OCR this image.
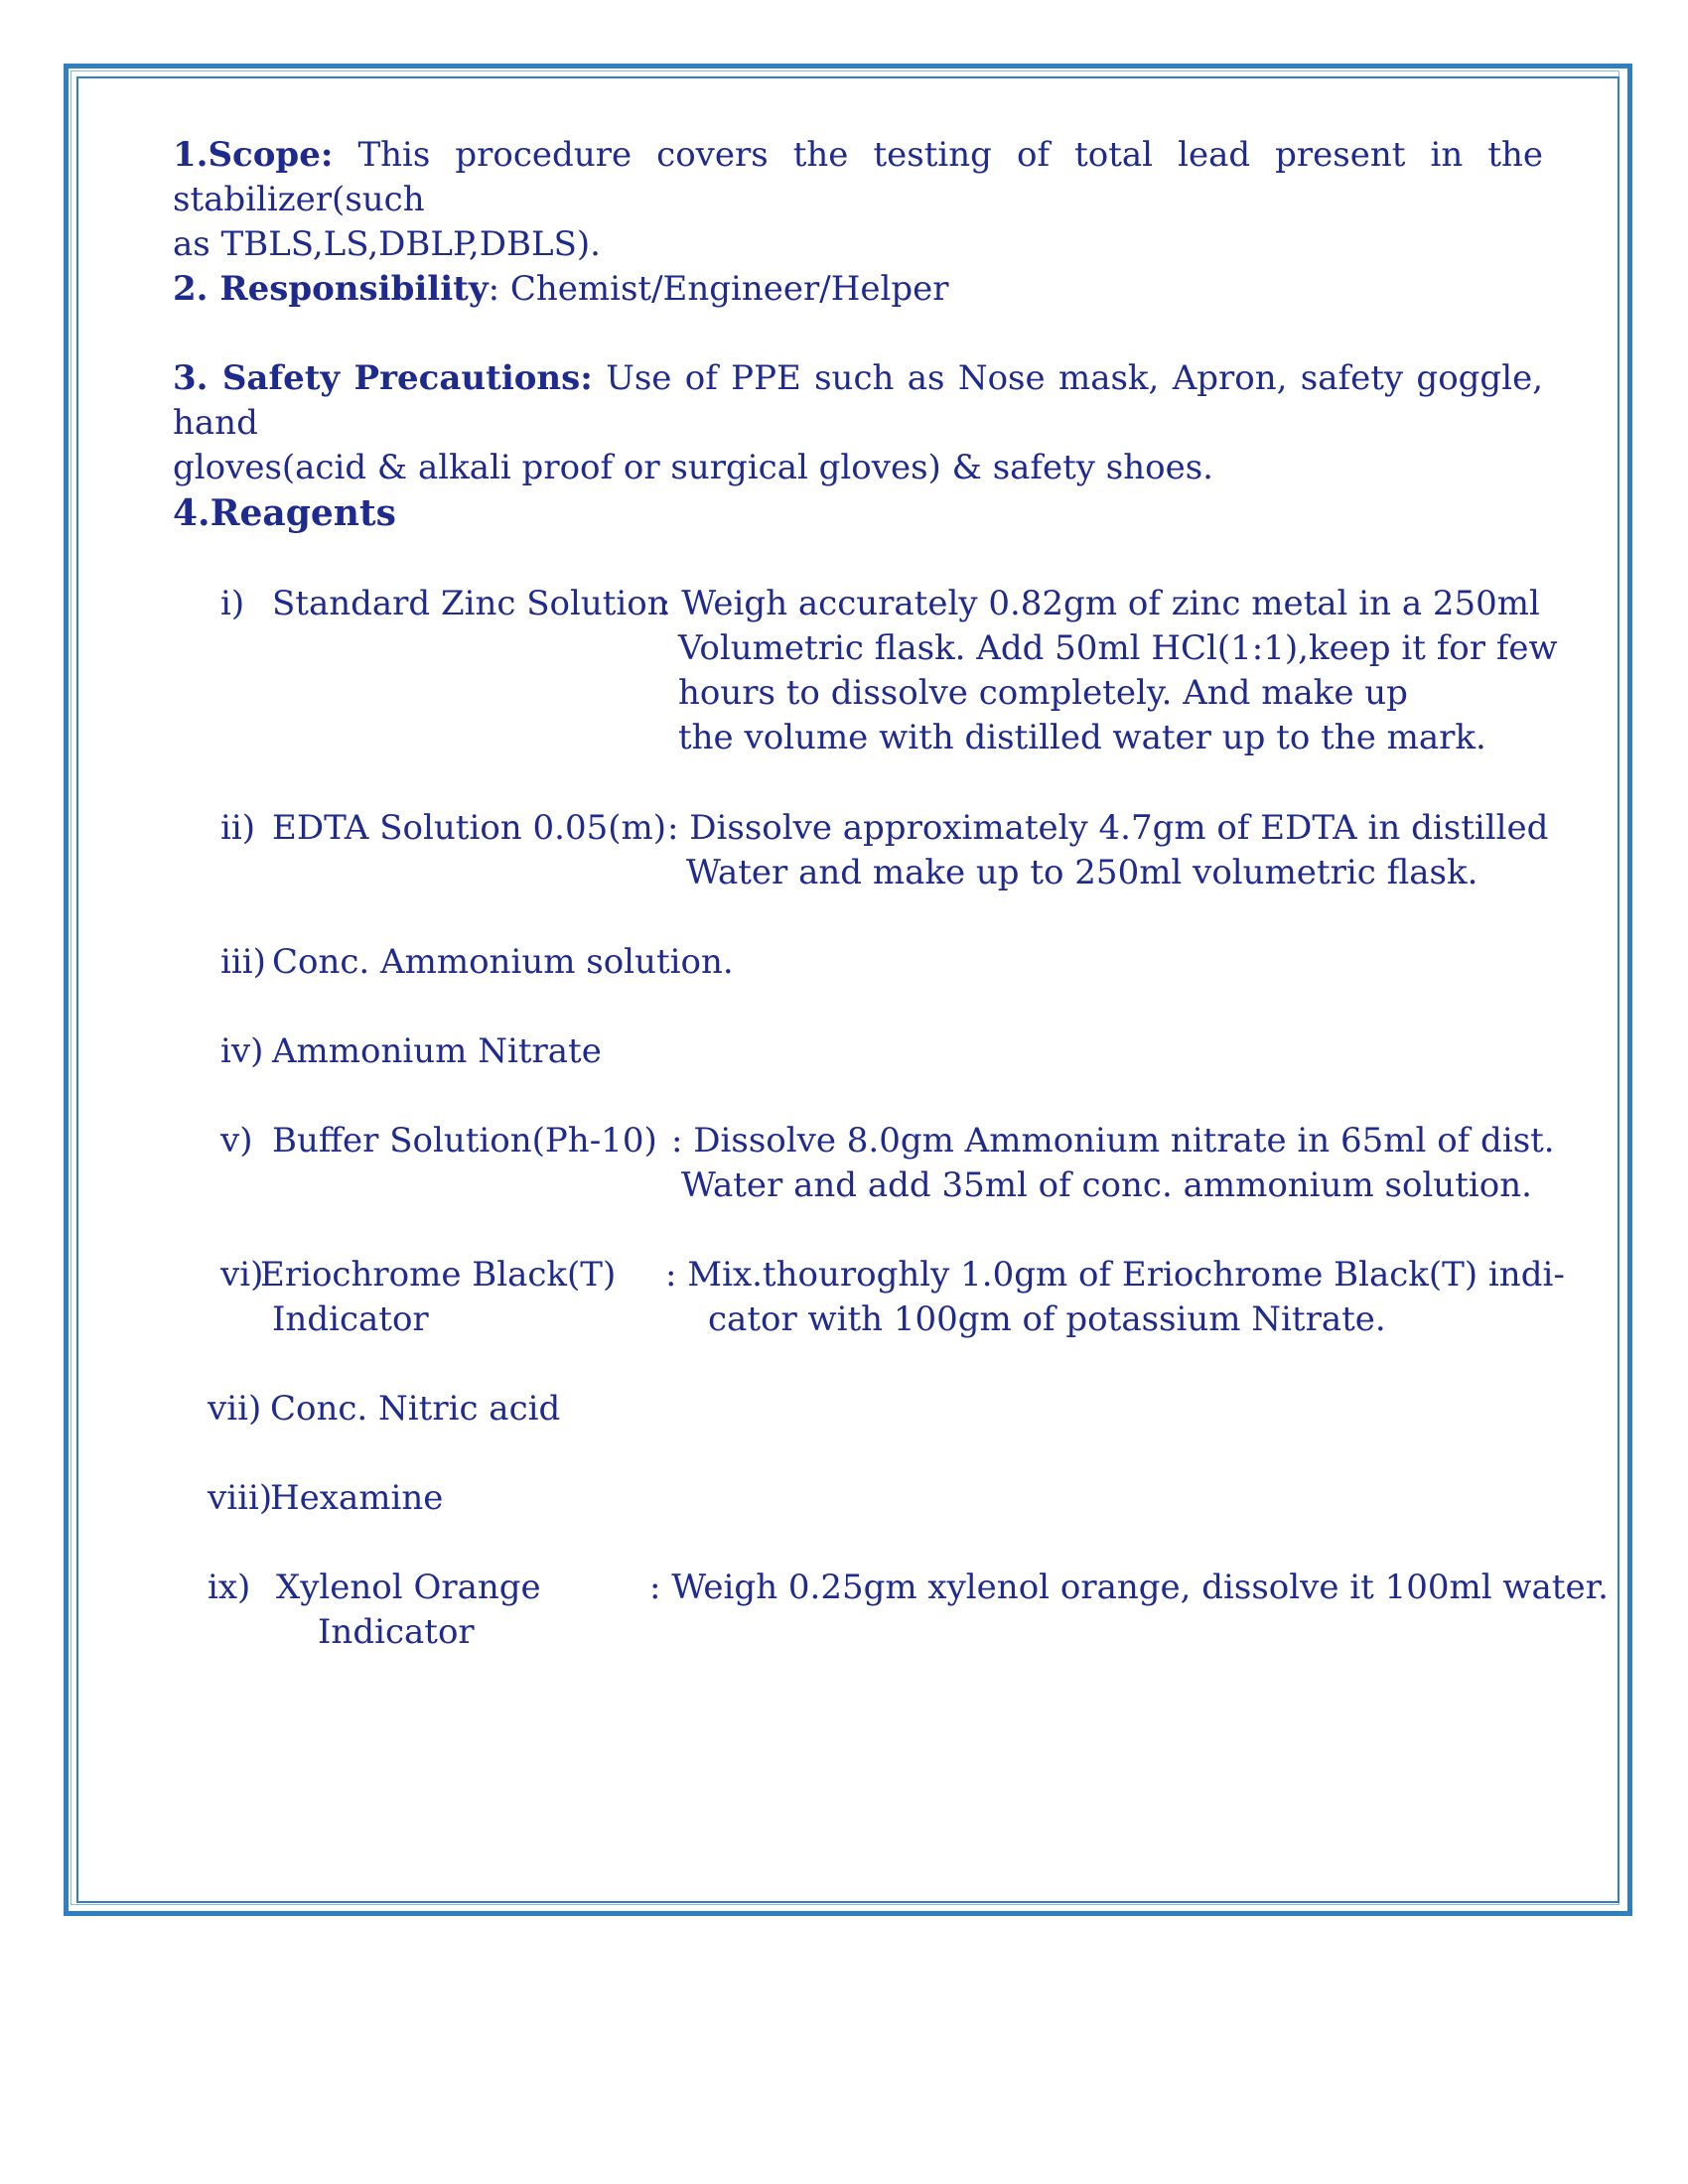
1.Scope: This procedure covers the testing of total lead present in the stabilizer(such

as TBLS,LS,DBLP,DBLS).

2. Responsibility: Chemist/Engineer/Helper

3. Safety Precautions: Use of PPE such as Nose mask, Apron, safety goggle, hand

gloves(acid & alkali proof or surgical gloves) & safety shoes.

4.Reagents
i) Standard Zinc Solution
: Weigh accurately 0.82gm of zinc metal in a 250ml
Volumetric flask. Add 50ml HCl(1:1),keep it for few
hours to dissolve completely. And make up
the volume with distilled water up to the mark.
ii) EDTA Solution 0.05(m) : Dissolve approximately 4.7gm of EDTA in distilled
Water and make up to 250ml volumetric flask.
iii) Conc. Ammonium solution.
iv) Ammonium Nitrate
v) Buffer Solution(Ph-10) : Dissolve 8.0gm Ammonium nitrate in 65ml of dist.
Water and add 35ml of conc. ammonium solution.
vi)
Eriochrome Black(T)
Indicator
: Mix.thouroghly 1.0gm of Eriochrome Black(T) indi-
cator with 100gm of potassium Nitrate.
vii) Conc. Nitric acid
viii)
Hexamine
ix) Xylenol Orange
Indicator
: Weigh 0.25gm xylenol orange, dissolve it 100ml water.
